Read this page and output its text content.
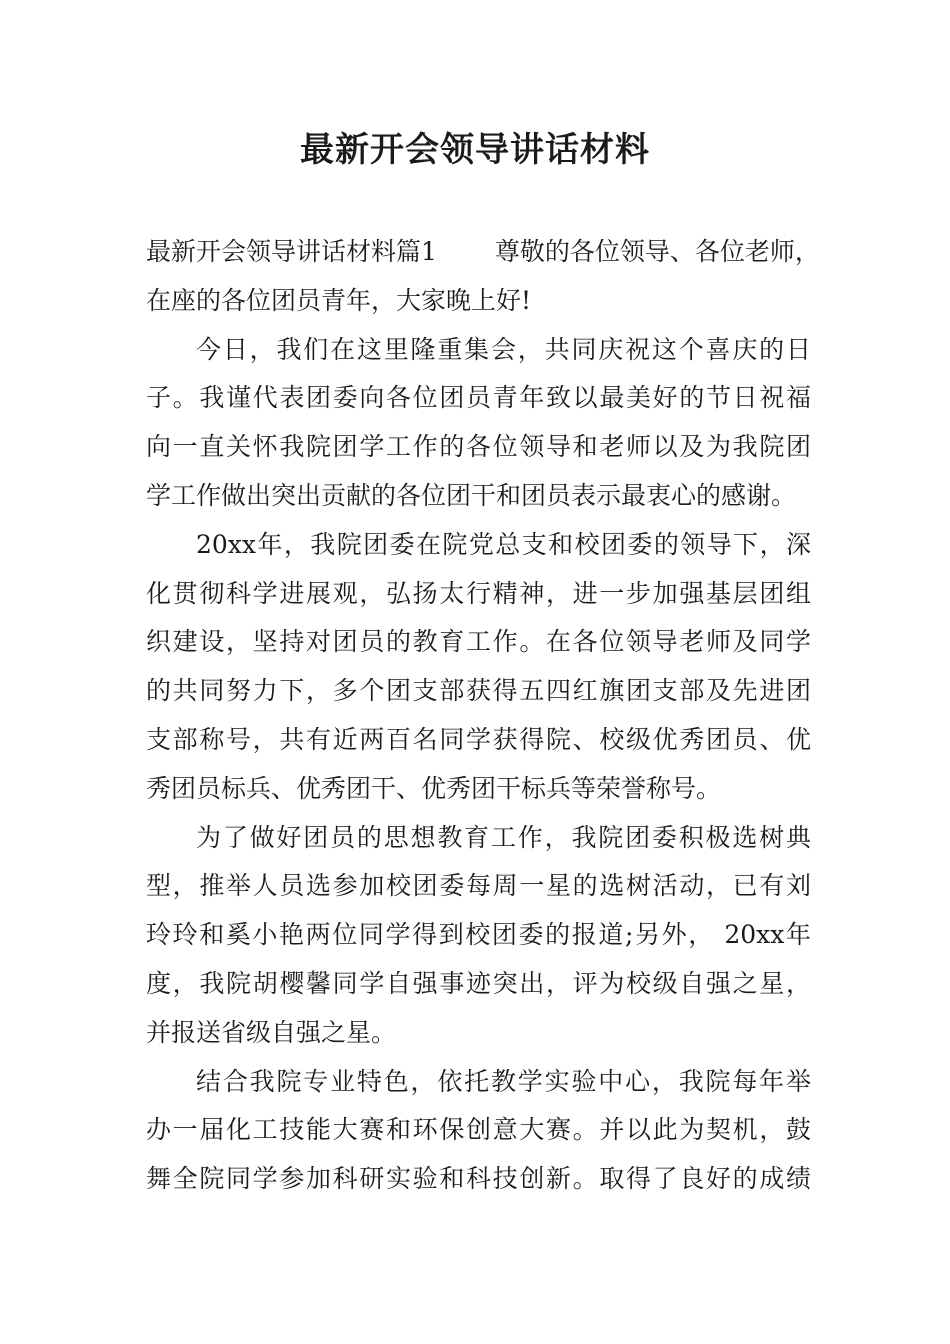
最新开会领导讲话材料
最新开会领导讲话材料篇1 尊敬的各位领导、各位老师，
在座的各位团员青年，大家晚上好!
今日，我们在这里隆重集会，共同庆祝这个喜庆的日
子。我谨代表团委向各位团员青年致以最美好的节日祝福
向一直关怀我院团学工作的各位领导和老师以及为我院团
学工作做出突出贡献的各位团干和团员表示最衷心的感谢。
20xx年，我院团委在院党总支和校团委的领导下，深
化贯彻科学进展观，弘扬太行精神，进一步加强基层团组
织建设，坚持对团员的教育工作。在各位领导老师及同学
的共同努力下，多个团支部获得五四红旗团支部及先进团
支部称号，共有近两百名同学获得院、校级优秀团员、优
秀团员标兵、优秀团干、优秀团干标兵等荣誉称号。
为了做好团员的思想教育工作，我院团委积极选树典
型，推举人员选参加校团委每周一星的选树活动，已有刘
玲玲和奚小艳两位同学得到校团委的报道;另外， 20xx年
度，我院胡樱馨同学自强事迹突出，评为校级自强之星，
并报送省级自强之星。
结合我院专业特色，依托教学实验中心，我院每年举
办一届化工技能大赛和环保创意大赛。并以此为契机，鼓
舞全院同学参加科研实验和科技创新。取得了良好的成绩
